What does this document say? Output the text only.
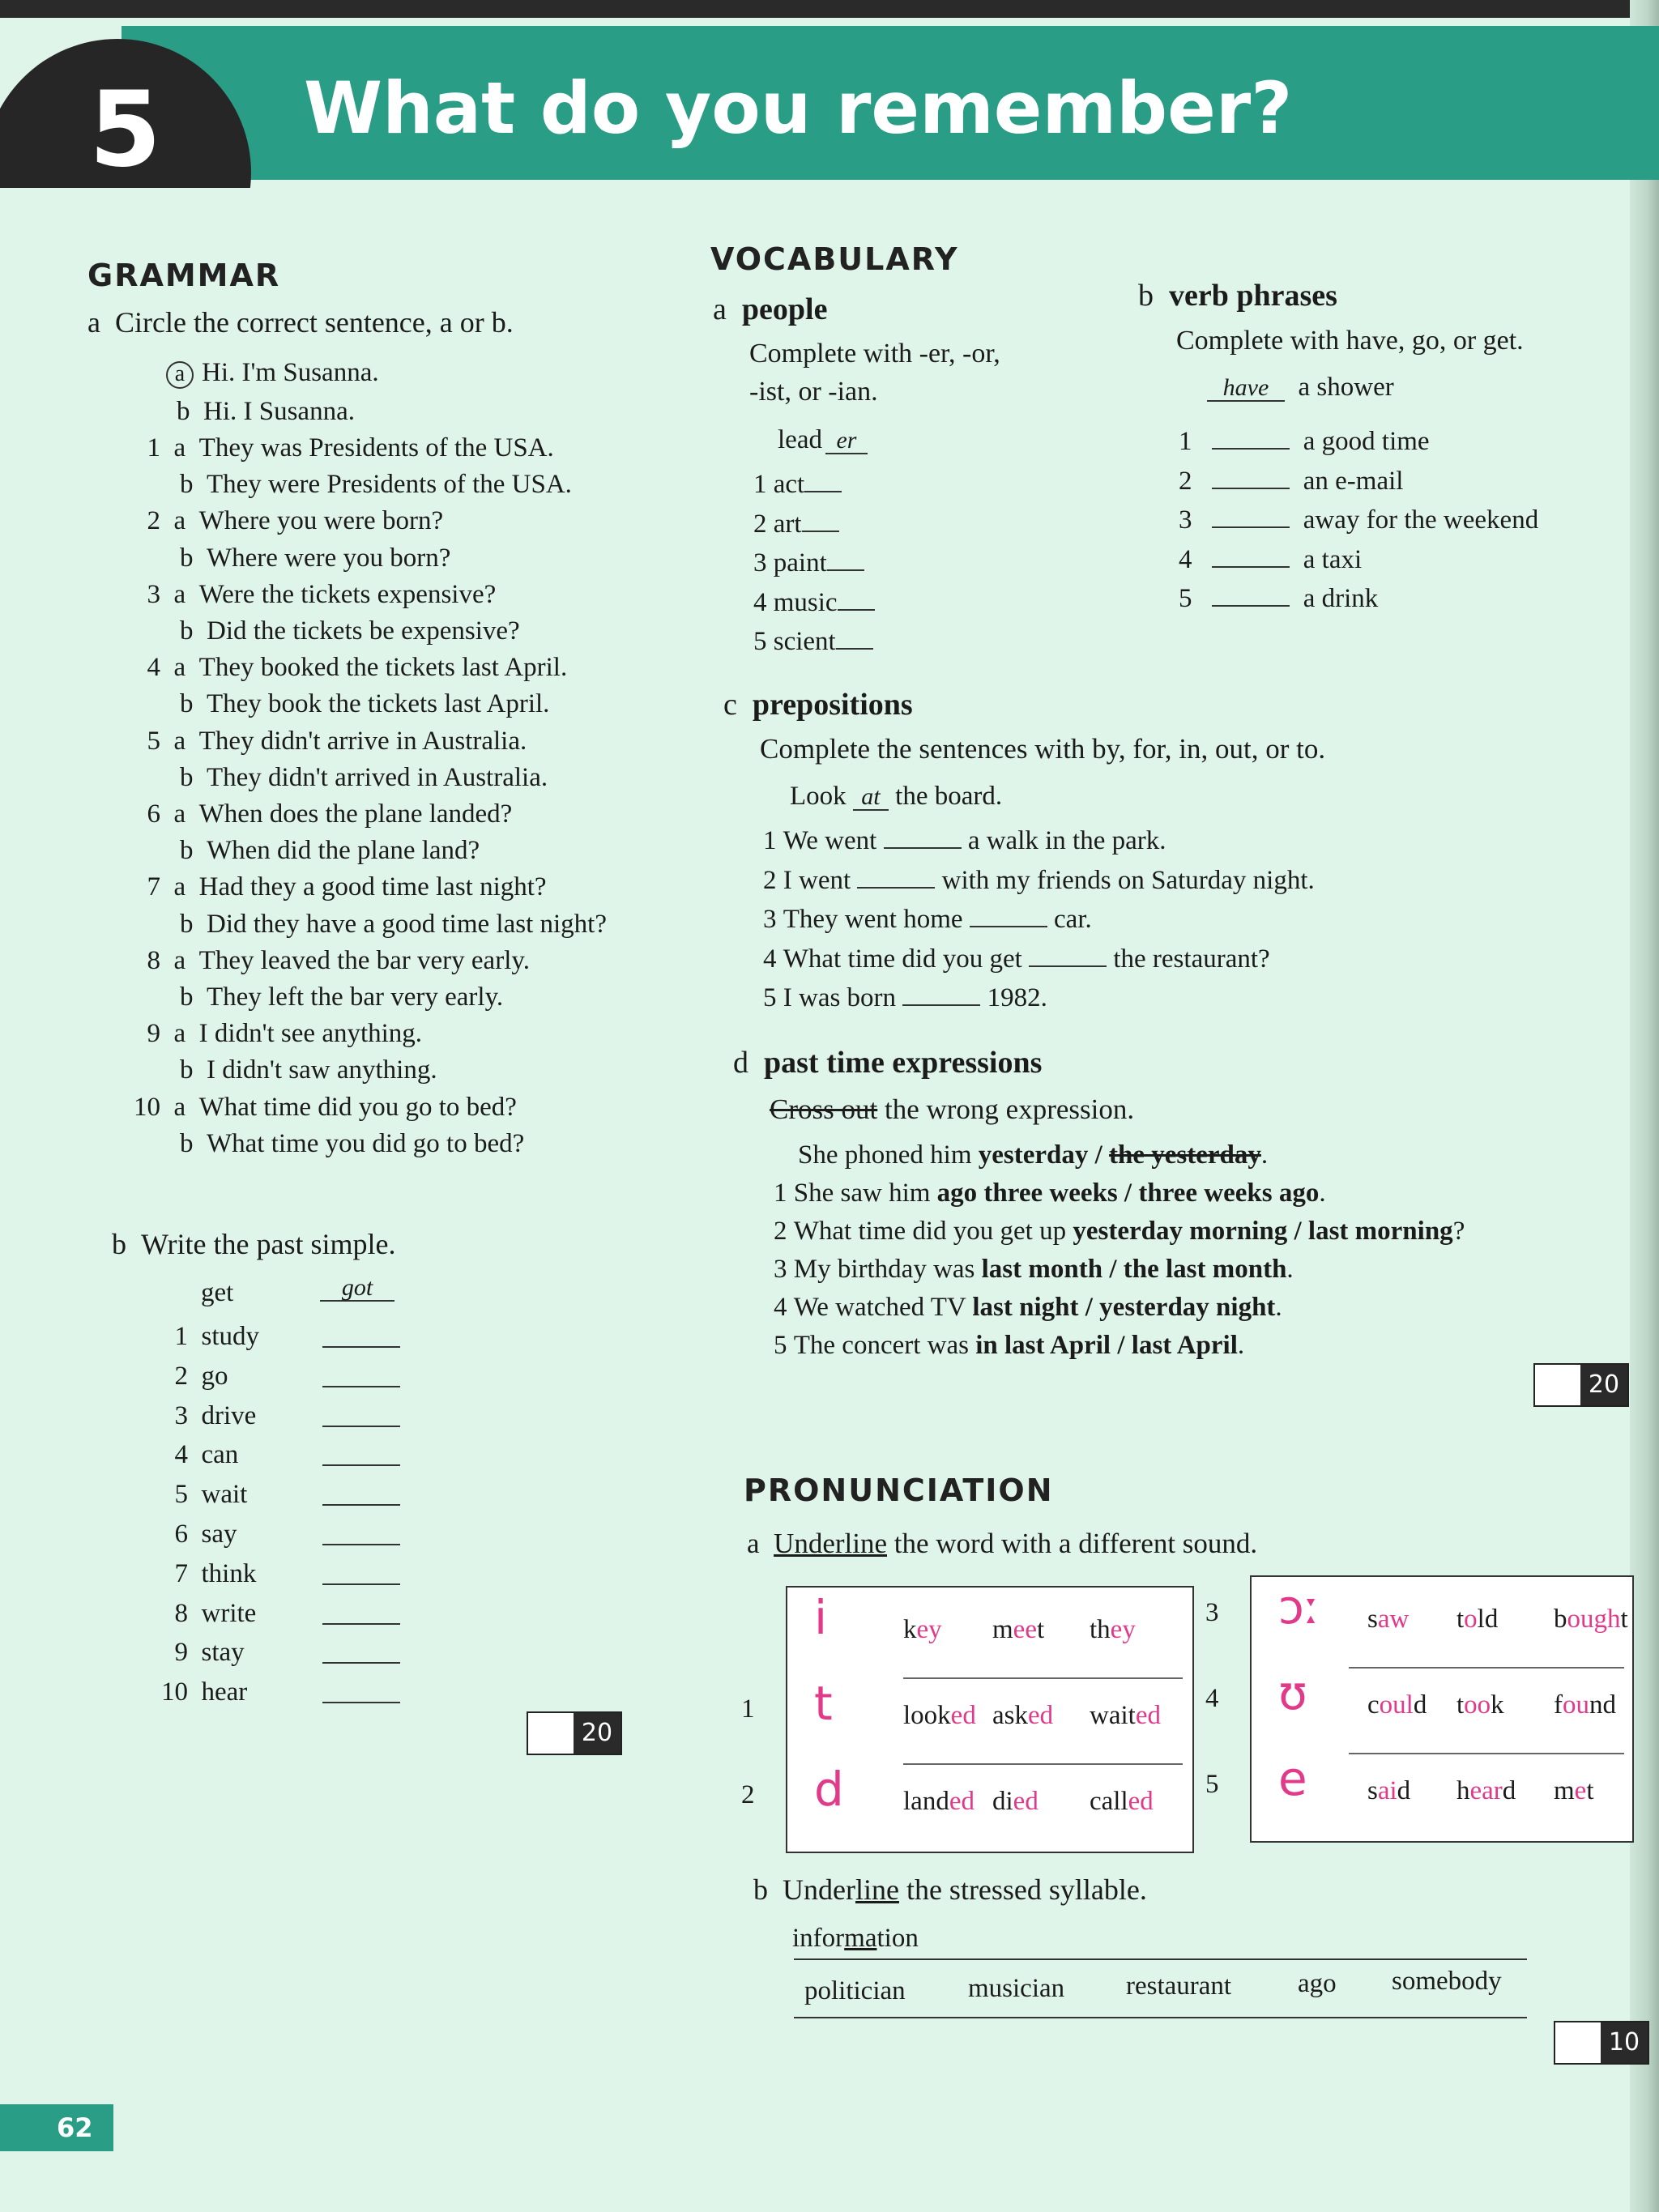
5 What do you remember?
GRAMMAR
a Circle the correct sentence, a or b.
a Hi. I'm Susanna.
b Hi. I Susanna.
1 a They was Presidents of the USA.
b They were Presidents of the USA.
2 a Where you were born?
b Where were you born?
3 a Were the tickets expensive?
b Did the tickets be expensive?
4 a They booked the tickets last April.
b They book the tickets last April.
5 a They didn't arrive in Australia.
b They didn't arrived in Australia.
6 a When does the plane landed?
b When did the plane land?
7 a Had they a good time last night?
b Did they have a good time last night?
8 a They leaved the bar very early.
b They left the bar very early.
9 a I didn't see anything.
b I didn't saw anything.
10 a What time did you go to bed?
b What time you did go to bed?
b Write the past simple.
get	got
1 study
2 go
3 drive
4 can
5 wait
6 say
7 think
8 write
9 stay
10 hear
20
VOCABULARY
a people
Complete with -er, -or,
-ist, or -ian.
lead er
1 act
2 art
3 paint
4 music
5 scient
b verb phrases
Complete with have, go, or get.
have a shower
1	a good time
2	an e-mail
3	away for the weekend
4	a taxi
5	a drink
c prepositions
Complete the sentences with by, for, in, out, or to.
Look at the board.
1 We went	a walk in the park.
2 I went	with my friends on Saturday night.
3 They went home	car.
4 What time did you get	the restaurant?
5 I was born	1982.
d past time expressions
Cross out the wrong expression.
She phoned him yesterday / the yesterday.
1 She saw him ago three weeks / three weeks ago.
2 What time did you get up yesterday morning / last morning?
3 My birthday was last month / the last month.
4 We watched TV last night / yesterday night.
5 The concert was in last April / last April.
20
PRONUNCIATION
a Underline the word with a different sound.
i	key meet they
1 t	looked asked waited
2 d landed died called
3 ɔː saw told bought
4 ʊ could took found
5 e said heard met
b Underline the stressed syllable.
information
politician musician restaurant ago somebody
10
62
